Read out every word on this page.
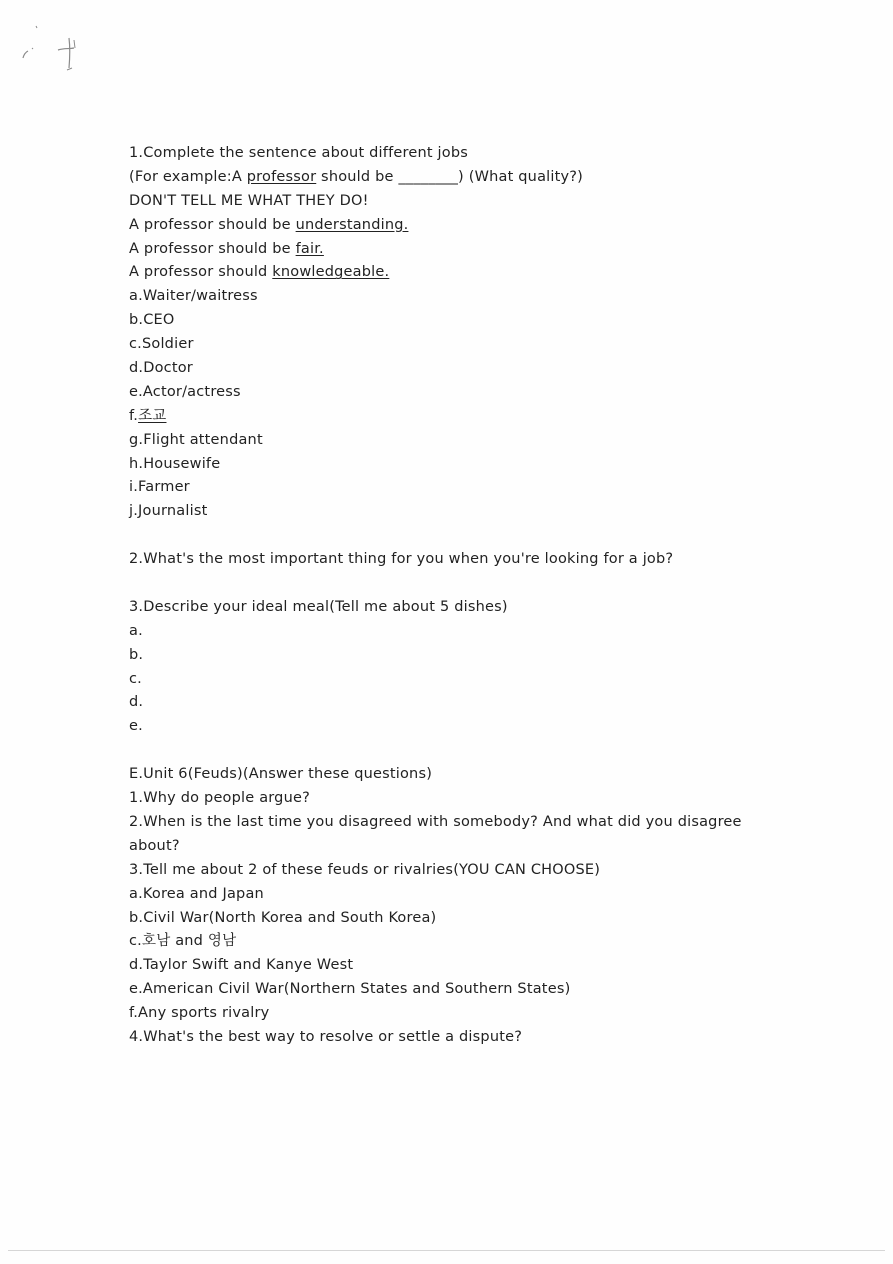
1.Complete the sentence about different jobs
(For example:A professor should be ________) (What quality?)
DON'T TELL ME WHAT THEY DO!
A professor should be understanding.
A professor should be fair.
A professor should knowledgeable.
a.Waiter/waitress
b.CEO
c.Soldier
d.Doctor
e.Actor/actress
f.조교
g.Flight attendant
h.Housewife
i.Farmer
j.Journalist
2.What's the most important thing for you when you're looking for a job?
3.Describe your ideal meal(Tell me about 5 dishes)
a.
b.
c.
d.
e.
E.Unit 6(Feuds)(Answer these questions)
1.Why do people argue?
2.When is the last time you disagreed with somebody? And what did you disagree about?
3.Tell me about 2 of these feuds or rivalries(YOU CAN CHOOSE)
a.Korea and Japan
b.Civil War(North Korea and South Korea)
c.호남 and 영남
d.Taylor Swift and Kanye West
e.American Civil War(Northern States and Southern States)
f.Any sports rivalry
4.What's the best way to resolve or settle a dispute?
